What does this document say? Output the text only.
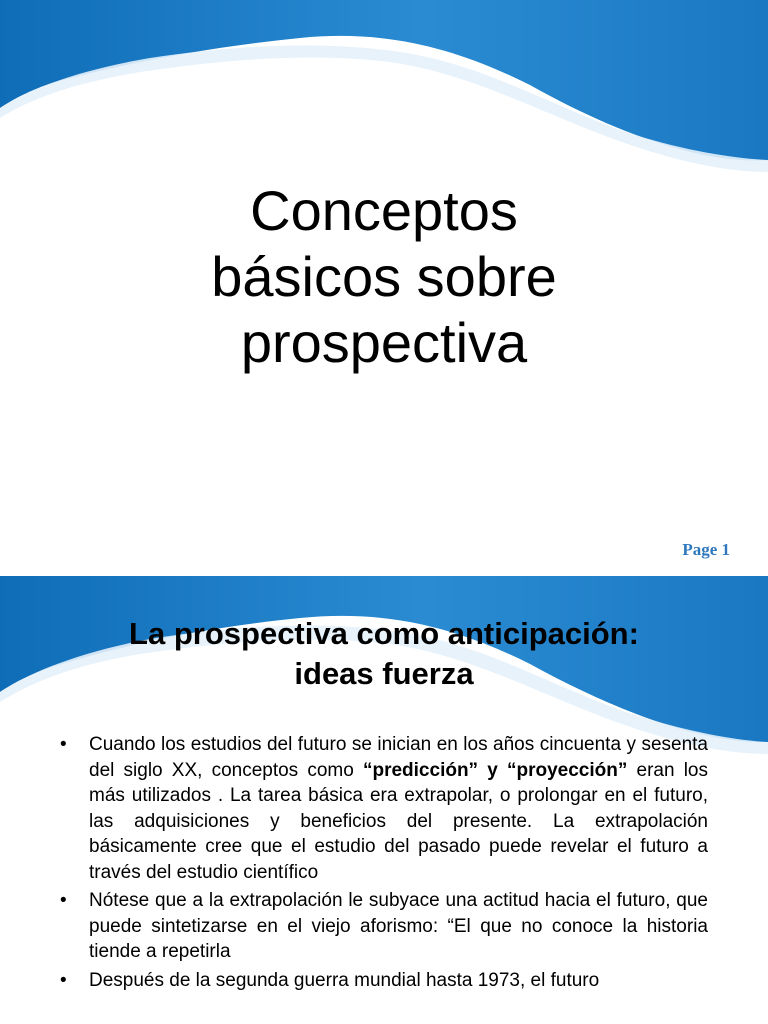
Conceptos
básicos sobre
prospectiva
Page 1
La prospectiva como anticipación:
ideas fuerza
• Cuando los estudios del futuro se inician en los años cincuenta y sesenta del siglo XX, conceptos como “predicción” y “proyección” eran los más utilizados . La tarea básica era extrapolar, o prolongar en el futuro, las adquisiciones y beneficios del presente. La extrapolación básicamente cree que el estudio del pasado puede revelar el futuro a través del estudio científico
• Nótese que a la extrapolación le subyace una actitud hacia el futuro, que puede sintetizarse en el viejo aforismo: “El que no conoce la historia tiende a repetirla
• Después de la segunda guerra mundial hasta 1973, el futuro
